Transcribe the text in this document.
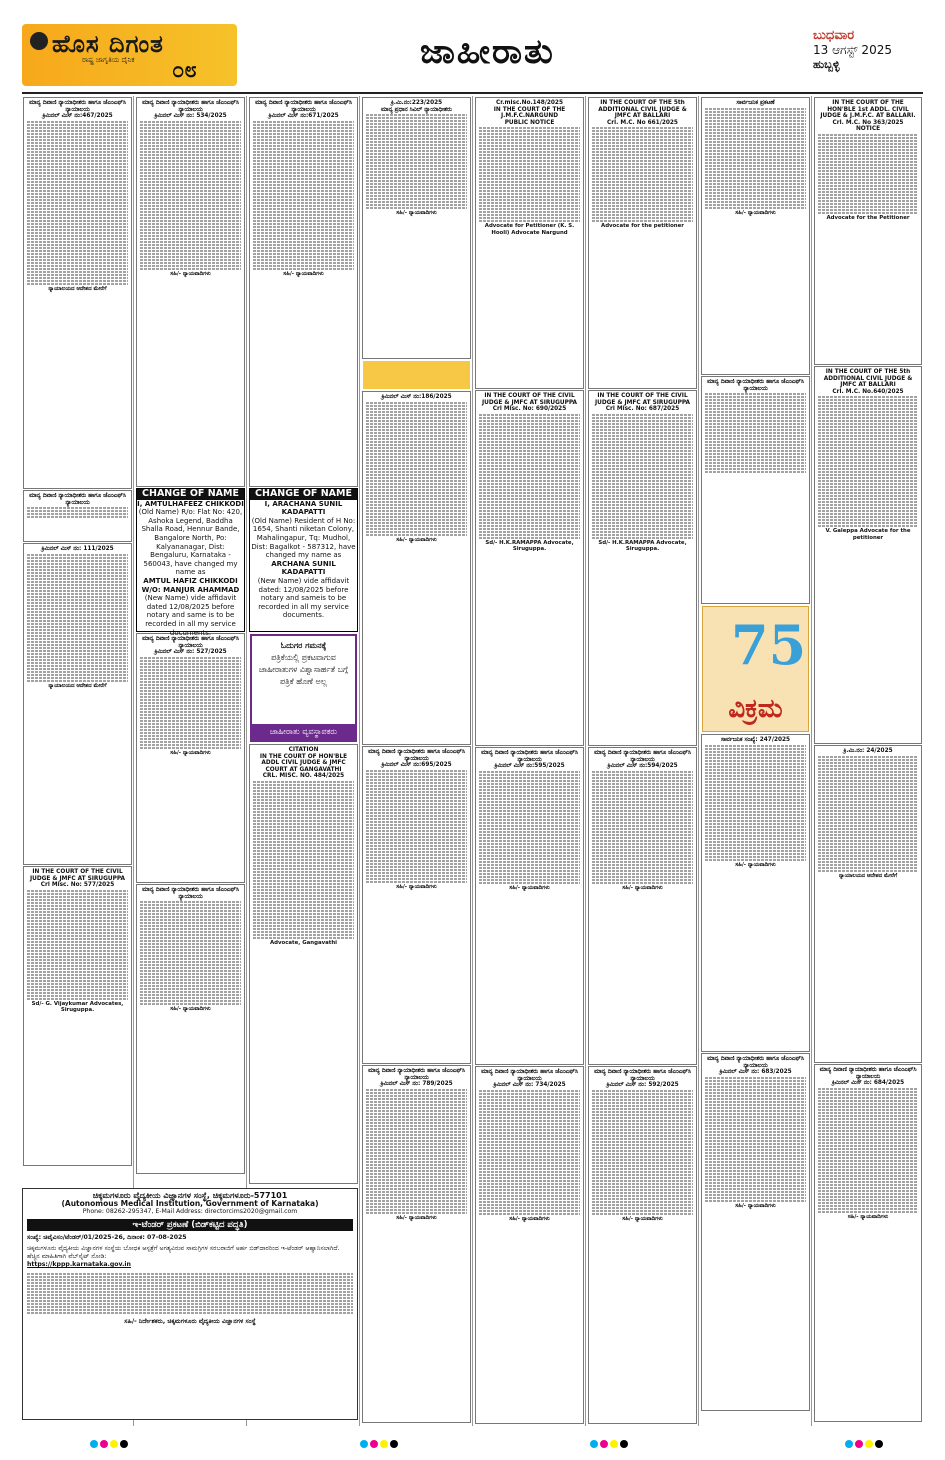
ಹೊಸ ದಿಗಂತ
ರಾಷ್ಟ್ರ ಜಾಗೃತಿಯ ದೈನಿಕ ೦೮	ಜಾಹೀರಾತು	ಬುಧವಾರ
13 ಆಗಸ್ಟ್ 2025
ಹುಬ್ಬಳ್ಳಿ
ಮಾನ್ಯ ದಿವಾಣಿ ನ್ಯಾಯಾಧೀಶರು ಹಾಗೂ ಜೆಎಂಎಫ್‌ಸಿ ನ್ಯಾಯಾಲಯ
ಕ್ರಿಮಿನಲ್ ಮಿಸ್ ನಂ:467/2025
ನ್ಯಾಯಾಲಯದ ಆದೇಶದ ಮೇರೆಗೆ
ಮಾನ್ಯ ದಿವಾಣಿ ನ್ಯಾಯಾಧೀಶರು ಹಾಗೂ ಜೆಎಂಎಫ್‌ಸಿ ನ್ಯಾಯಾಲಯ
ಕ್ರಿಮಿನಲ್ ಮಿಸ್ ನಂ: 111/2025
ನ್ಯಾಯಾಲಯದ ಆದೇಶದ ಮೇರೆಗೆ
IN THE COURT OF THE CIVIL JUDGE & JMFC AT SIRUGUPPA
Crl Misc. No: 577/2025
Sd/- G. Vijaykumar Advocates, Siruguppa.
ಮಾನ್ಯ ದಿವಾಣಿ ನ್ಯಾಯಾಧೀಶರು ಹಾಗೂ ಜೆಎಂಎಫ್‌ಸಿ ನ್ಯಾಯಾಲಯ
ಕ್ರಿಮಿನಲ್ ಮಿಸ್ ನಂ: 534/2025
ಸಹಿ/- ನ್ಯಾಯವಾದಿಗಳು
CHANGE OF NAME
I, AMTULHAFEEZ CHIKKODI
(Old Name) R/o: Flat No: 420, Ashoka Legend, Baddha Shalla Road, Hennur Bande, Bangalore North, Po: Kalyananagar, Dist: Bengaluru, Karnataka - 560043, have changed my name as
AMTUL HAFIZ CHIKKODI W/O: MANJUR AHAMMAD
(New Name) vide affidavit dated 12/08/2025 before notary and same is to be recorded in all my service documents.
ಮಾನ್ಯ ದಿವಾಣಿ ನ್ಯಾಯಾಧೀಶರು ಹಾಗೂ ಜೆಎಂಎಫ್‌ಸಿ ನ್ಯಾಯಾಲಯ
ಕ್ರಿಮಿನಲ್ ಮಿಸ್ ನಂ: 527/2025
ಸಹಿ/- ನ್ಯಾಯವಾದಿಗಳು
ಮಾನ್ಯ ದಿವಾಣಿ ನ್ಯಾಯಾಧೀಶರು ಹಾಗೂ ಜೆಎಂಎಫ್‌ಸಿ ನ್ಯಾಯಾಲಯ
ಸಹಿ/- ನ್ಯಾಯವಾದಿಗಳು
ಮಾನ್ಯ ದಿವಾಣಿ ನ್ಯಾಯಾಧೀಶರು ಹಾಗೂ ಜೆಎಂಎಫ್‌ಸಿ ನ್ಯಾಯಾಲಯ
ಕ್ರಿಮಿನಲ್ ಮಿಸ್ ನಂ:671/2025
ಸಹಿ/- ನ್ಯಾಯವಾದಿಗಳು
CHANGE OF NAME
I, ARACHANA SUNIL KADAPATTI
(Old Name) Resident of H No: 1654, Shanti niketan Colony, Mahalingapur, Tq: Mudhol, Dist: Bagalkot - 587312, have changed my name as
ARCHANA SUNIL KADAPATTI
(New Name) vide affidavit dated: 12/08/2025 before notary and sameis to be recorded in all my service documents.
ಓದುಗರ ಗಮನಕ್ಕೆ
ಪತ್ರಿಕೆಯಲ್ಲಿ ಪ್ರಕಟವಾಗುವ ಜಾಹೀರಾತುಗಳ ವಿಶ್ವಾಸಾರ್ಹತೆ ಬಗ್ಗೆ ಪತ್ರಿಕೆ ಹೊಣೆ ಅಲ್ಲ
ಜಾಹೀರಾತು ವ್ಯವಸ್ಥಾಪಕರು
CITATION
IN THE COURT OF HON'BLE ADDL CIVIL JUDGE & JMFC COURT AT GANGAVATHI
CRL. MISC. NO. 484/2025
Advocate, Gangavathi
ಕ್ರಿ.ಮಿ.ನಂ:223/2025
ಮಾನ್ಯ ಪ್ರಧಾನ ಸಿವಿಲ್ ನ್ಯಾಯಾಧೀಶರು
ಸಹಿ/- ನ್ಯಾಯವಾದಿಗಳು
ಕ್ರಿಮಿನಲ್ ಮಿಸ್ ನಂ:186/2025
ಸಹಿ/- ನ್ಯಾಯವಾದಿಗಳು
ಮಾನ್ಯ ದಿವಾಣಿ ನ್ಯಾಯಾಧೀಶರು ಹಾಗೂ ಜೆಎಂಎಫ್‌ಸಿ ನ್ಯಾಯಾಲಯ
ಕ್ರಿಮಿನಲ್ ಮಿಸ್ ನಂ:695/2025
ಸಹಿ/- ನ್ಯಾಯವಾದಿಗಳು
ಮಾನ್ಯ ದಿವಾಣಿ ನ್ಯಾಯಾಧೀಶರು ಹಾಗೂ ಜೆಎಂಎಫ್‌ಸಿ ನ್ಯಾಯಾಲಯ
ಕ್ರಿಮಿನಲ್ ಮಿಸ್ ನಂ: 789/2025
ಸಹಿ/- ನ್ಯಾಯವಾದಿಗಳು
Cr.misc.No.148/2025
IN THE COURT OF THE J.M.F.C.NARGUND
PUBLIC NOTICE
Advocate for Petitioner (K. S. Hooli) Advocate Nargund
IN THE COURT OF THE CIVIL JUDGE & JMFC AT SIRUGUPPA
Crl Misc. No: 690/2025
Sd/- H.K.RAMAPPA Advocate, Siruguppa.
ಮಾನ್ಯ ದಿವಾಣಿ ನ್ಯಾಯಾಧೀಶರು ಹಾಗೂ ಜೆಎಂಎಫ್‌ಸಿ ನ್ಯಾಯಾಲಯ
ಕ್ರಿಮಿನಲ್ ಮಿಸ್ ನಂ:595/2025
ಸಹಿ/- ನ್ಯಾಯವಾದಿಗಳು
ಮಾನ್ಯ ದಿವಾಣಿ ನ್ಯಾಯಾಧೀಶರು ಹಾಗೂ ಜೆಎಂಎಫ್‌ಸಿ ನ್ಯಾಯಾಲಯ
ಕ್ರಿಮಿನಲ್ ಮಿಸ್ ನಂ: 734/2025
ಸಹಿ/- ನ್ಯಾಯವಾದಿಗಳು
IN THE COURT OF THE 5th ADDITIONAL CIVIL JUDGE & JMFC AT BALLARI
Crl. M.C. No 661/2025
Advocate for the petitioner
IN THE COURT OF THE CIVIL JUDGE & JMFC AT SIRUGUPPA
Crl Misc. No: 687/2025
Sd/- H.K.RAMAPPA Advocate, Siruguppa.
ಮಾನ್ಯ ದಿವಾಣಿ ನ್ಯಾಯಾಧೀಶರು ಹಾಗೂ ಜೆಎಂಎಫ್‌ಸಿ ನ್ಯಾಯಾಲಯ
ಕ್ರಿಮಿನಲ್ ಮಿಸ್ ನಂ:594/2025
ಸಹಿ/- ನ್ಯಾಯವಾದಿಗಳು
ಮಾನ್ಯ ದಿವಾಣಿ ನ್ಯಾಯಾಧೀಶರು ಹಾಗೂ ಜೆಎಂಎಫ್‌ಸಿ ನ್ಯಾಯಾಲಯ
ಕ್ರಿಮಿನಲ್ ಮಿಸ್ ನಂ: 592/2025
ಸಹಿ/- ನ್ಯಾಯವಾದಿಗಳು
ಸಾರ್ವಜನಿಕ ಪ್ರಕಟಣೆ
ಸಹಿ/- ನ್ಯಾಯವಾದಿಗಳು
ಮಾನ್ಯ ದಿವಾಣಿ ನ್ಯಾಯಾಧೀಶರು ಹಾಗೂ ಜೆಎಂಎಫ್‌ಸಿ ನ್ಯಾಯಾಲಯ
75
ವಿಕ್ರಮ
ಸಾರ್ವಜನಿಕ ಸಂಖ್ಯೆ: 247/2025
ಸಹಿ/- ನ್ಯಾಯವಾದಿಗಳು
ಮಾನ್ಯ ದಿವಾಣಿ ನ್ಯಾಯಾಧೀಶರು ಹಾಗೂ ಜೆಎಂಎಫ್‌ಸಿ ನ್ಯಾಯಾಲಯ
ಕ್ರಿಮಿನಲ್ ಮಿಸ್ ನಂ: 683/2025
ಸಹಿ/- ನ್ಯಾಯವಾದಿಗಳು
IN THE COURT OF THE HON'BLE 1st ADDL. CIVIL JUDGE & J.M.F.C. AT BALLARI.
Crl. M.C. No 363/2025
NOTICE
Advocate for the Petitioner
IN THE COURT OF THE 5th ADDITIONAL CIVIL JUDGE & JMFC AT BALLARI
Crl. M.C. No.640/2025
V. Galeppa Advocate for the petitioner
ಕ್ರಿ.ಮಿ.ನಂ: 24/2025
ನ್ಯಾಯಾಲಯದ ಆದೇಶದ ಮೇರೆಗೆ
ಮಾನ್ಯ ದಿವಾಣಿ ನ್ಯಾಯಾಧೀಶರು ಹಾಗೂ ಜೆಎಂಎಫ್‌ಸಿ ನ್ಯಾಯಾಲಯ
ಕ್ರಿಮಿನಲ್ ಮಿಸ್ ನಂ: 684/2025
ಸಹಿ/- ನ್ಯಾಯವಾದಿಗಳು
ಚಿಕ್ಕಮಗಳೂರು ವೈದ್ಯಕೀಯ ವಿಜ್ಞಾನಗಳ ಸಂಸ್ಥೆ, ಚಿಕ್ಕಮಗಳೂರು-577101
(Autonomous Medical Institution, Government of Karnataka)
Phone: 08262-295347, E-Mail Address: directorcims2020@gmail.com
ಇ-ಟೆಂಡರ್ ಪ್ರಕಟಣೆ (ಬಿಡ್‌ಕಟ್ಟಿದ ಪದ್ಧತಿ)
ಸಂಖ್ಯೆ: ಚಿವೈವಿಸಂ/ಟೆಂಡರ್/01/2025-26, ದಿನಾಂಕ: 07-08-2025
ಚಿಕ್ಕಮಗಳೂರು ವೈದ್ಯಕೀಯ ವಿಜ್ಞಾನಗಳ ಸಂಸ್ಥೆಯ ಬೋಧಕ ಆಸ್ಪತ್ರೆಗೆ ಅಗತ್ಯವಿರುವ ಸಾಮಗ್ರಿಗಳ ಸರಬರಾಜಿಗೆ ಅರ್ಹ ಬಿಡ್‌ದಾರರಿಂದ ಇ-ಟೆಂಡರ್ ಆಹ್ವಾನಿಸಲಾಗಿದೆ. ಹೆಚ್ಚಿನ ಮಾಹಿತಿಗಾಗಿ ವೆಬ್‌ಸೈಟ್ ನೋಡಿ:
https://kppp.karnataka.gov.in
ಸಹಿ/- ನಿರ್ದೇಶಕರು, ಚಿಕ್ಕಮಗಳೂರು ವೈದ್ಯಕೀಯ ವಿಜ್ಞಾನಗಳ ಸಂಸ್ಥೆ
